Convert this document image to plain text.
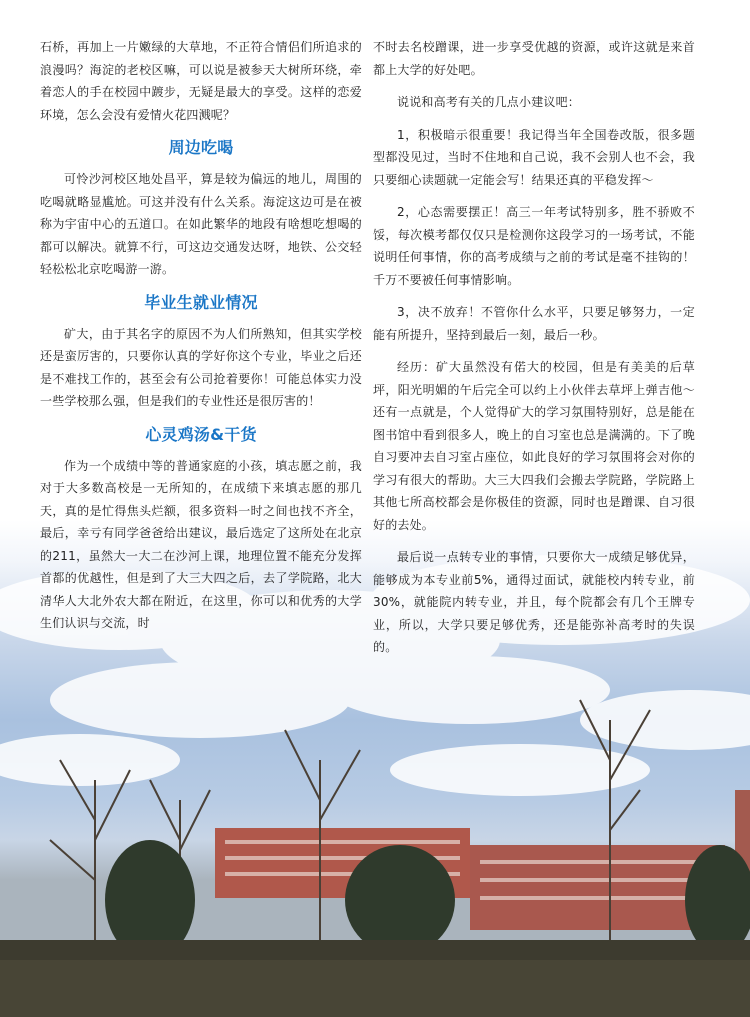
石桥，再加上一片嫩绿的大草地，不正符合情侣们所追求的浪漫吗？海淀的老校区嘛，可以说是被参天大树所环绕，牵着恋人的手在校园中踱步，无疑是最大的享受。这样的恋爱环境，怎么会没有爱情火花四溅呢？

周边吃喝

可怜沙河校区地处昌平，算是较为偏远的地儿，周围的吃喝就略显尴尬。可这并没有什么关系。海淀这边可是在被称为宇宙中心的五道口。在如此繁华的地段有啥想吃想喝的都可以解决。就算不行，可这边交通发达呀，地铁、公交轻轻松松北京吃喝游一游。

毕业生就业情况

矿大，由于其名字的原因不为人们所熟知，但其实学校还是蛮厉害的，只要你认真的学好你这个专业，毕业之后还是不难找工作的，甚至会有公司抢着要你！可能总体实力没一些学校那么强，但是我们的专业性还是很厉害的！

心灵鸡汤&干货

作为一个成绩中等的普通家庭的小孩，填志愿之前，我对于大多数高校是一无所知的，在成绩下来填志愿的那几天，真的是忙得焦头烂额，很多资料一时之间也找不齐全，最后，幸亏有同学爸爸给出建议，最后选定了这所处在北京的211，虽然大一大二在沙河上课，地理位置不能充分发挥首都的优越性，但是到了大三大四之后，去了学院路，北大清华人大北外农大都在附近，在这里，你可以和优秀的大学生们认识与交流，时

不时去名校蹭课，进一步享受优越的资源，或许这就是来首都上大学的好处吧。

说说和高考有关的几点小建议吧：

1，积极暗示很重要！我记得当年全国卷改版，很多题型都没见过，当时不住地和自己说，我不会别人也不会，我只要细心读题就一定能会写！结果还真的平稳发挥～

2，心态需要摆正！高三一年考试特别多，胜不骄败不馁，每次模考都仅仅只是检测你这段学习的一场考试，不能说明任何事情，你的高考成绩与之前的考试是毫不挂钩的！千万不要被任何事情影响。

3，决不放弃！不管你什么水平，只要足够努力，一定能有所提升，坚持到最后一刻，最后一秒。

经历：矿大虽然没有偌大的校园，但是有美美的后草坪，阳光明媚的午后完全可以约上小伙伴去草坪上弹吉他～还有一点就是，个人觉得矿大的学习氛围特别好，总是能在图书馆中看到很多人，晚上的自习室也总是满满的。下了晚自习要冲去自习室占座位，如此良好的学习氛围将会对你的学习有很大的帮助。大三大四我们会搬去学院路，学院路上其他七所高校都会是你极佳的资源，同时也是蹭课、自习很好的去处。

最后说一点转专业的事情，只要你大一成绩足够优异，能够成为本专业前5%，通得过面试，就能校内转专业，前30%，就能院内转专业，并且，每个院都会有几个王牌专业，所以，大学只要足够优秀，还是能弥补高考时的失误的。
